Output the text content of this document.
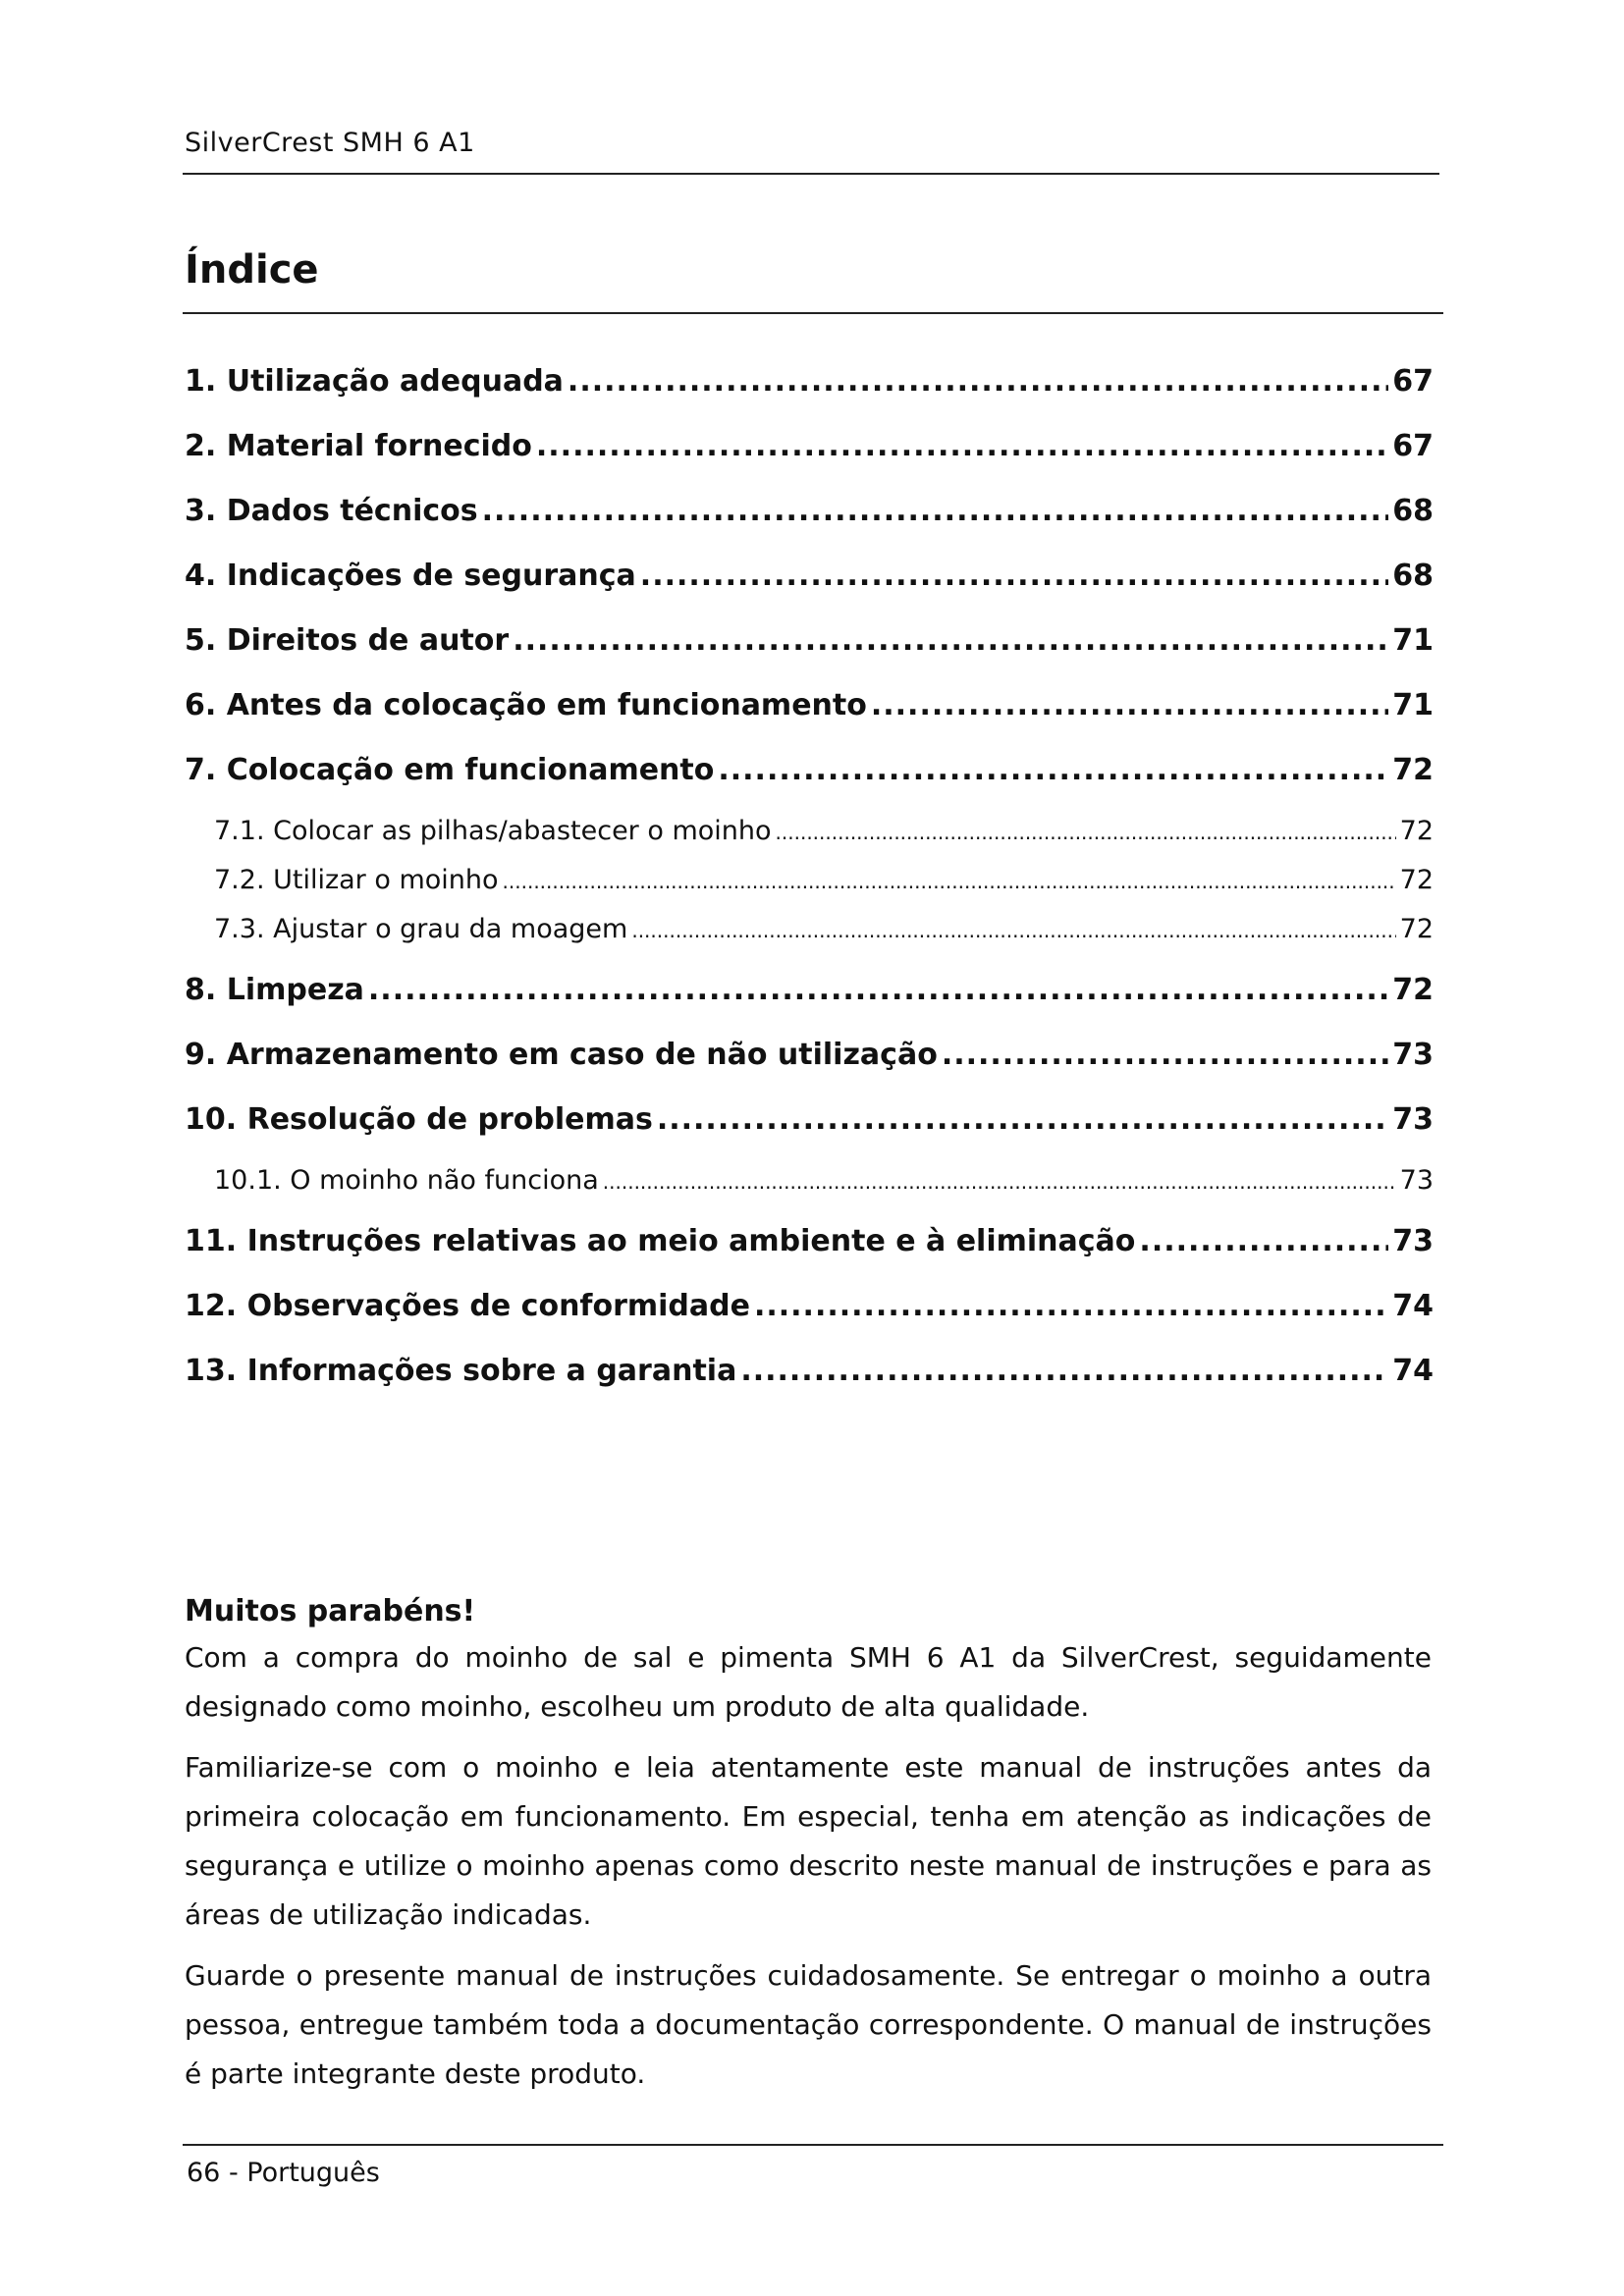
SilverCrest SMH 6 A1
Índice
1. Utilização adequada .....	67
2. Material fornecido .....	67
3. Dados técnicos .....	68
4. Indicações de segurança .....	68
5. Direitos de autor .....	71
6. Antes da colocação em funcionamento .....	71
7. Colocação em funcionamento .....	72
7.1. Colocar as pilhas/abastecer o moinho .....	72
7.2. Utilizar o moinho .....	72
7.3. Ajustar o grau da moagem .....	72
8. Limpeza .....	72
9. Armazenamento em caso de não utilização .....	73
10. Resolução de problemas .....	73
10.1. O moinho não funciona .....	73
11. Instruções relativas ao meio ambiente e à eliminação .....	73
12. Observações de conformidade .....	74
13. Informações sobre a garantia .....	74
Muitos parabéns!

Com a compra do moinho de sal e pimenta SMH 6 A1 da SilverCrest, seguidamente designado como moinho, escolheu um produto de alta qualidade.

Familiarize-se com o moinho e leia atentamente este manual de instruções antes da primeira colocação em funcionamento. Em especial, tenha em atenção as indicações de segurança e utilize o moinho apenas como descrito neste manual de instruções e para as áreas de utilização indicadas.

Guarde o presente manual de instruções cuidadosamente. Se entregar o moinho a outra pessoa, entregue também toda a documentação correspondente. O manual de instruções é parte integrante deste produto.

66 - Português
